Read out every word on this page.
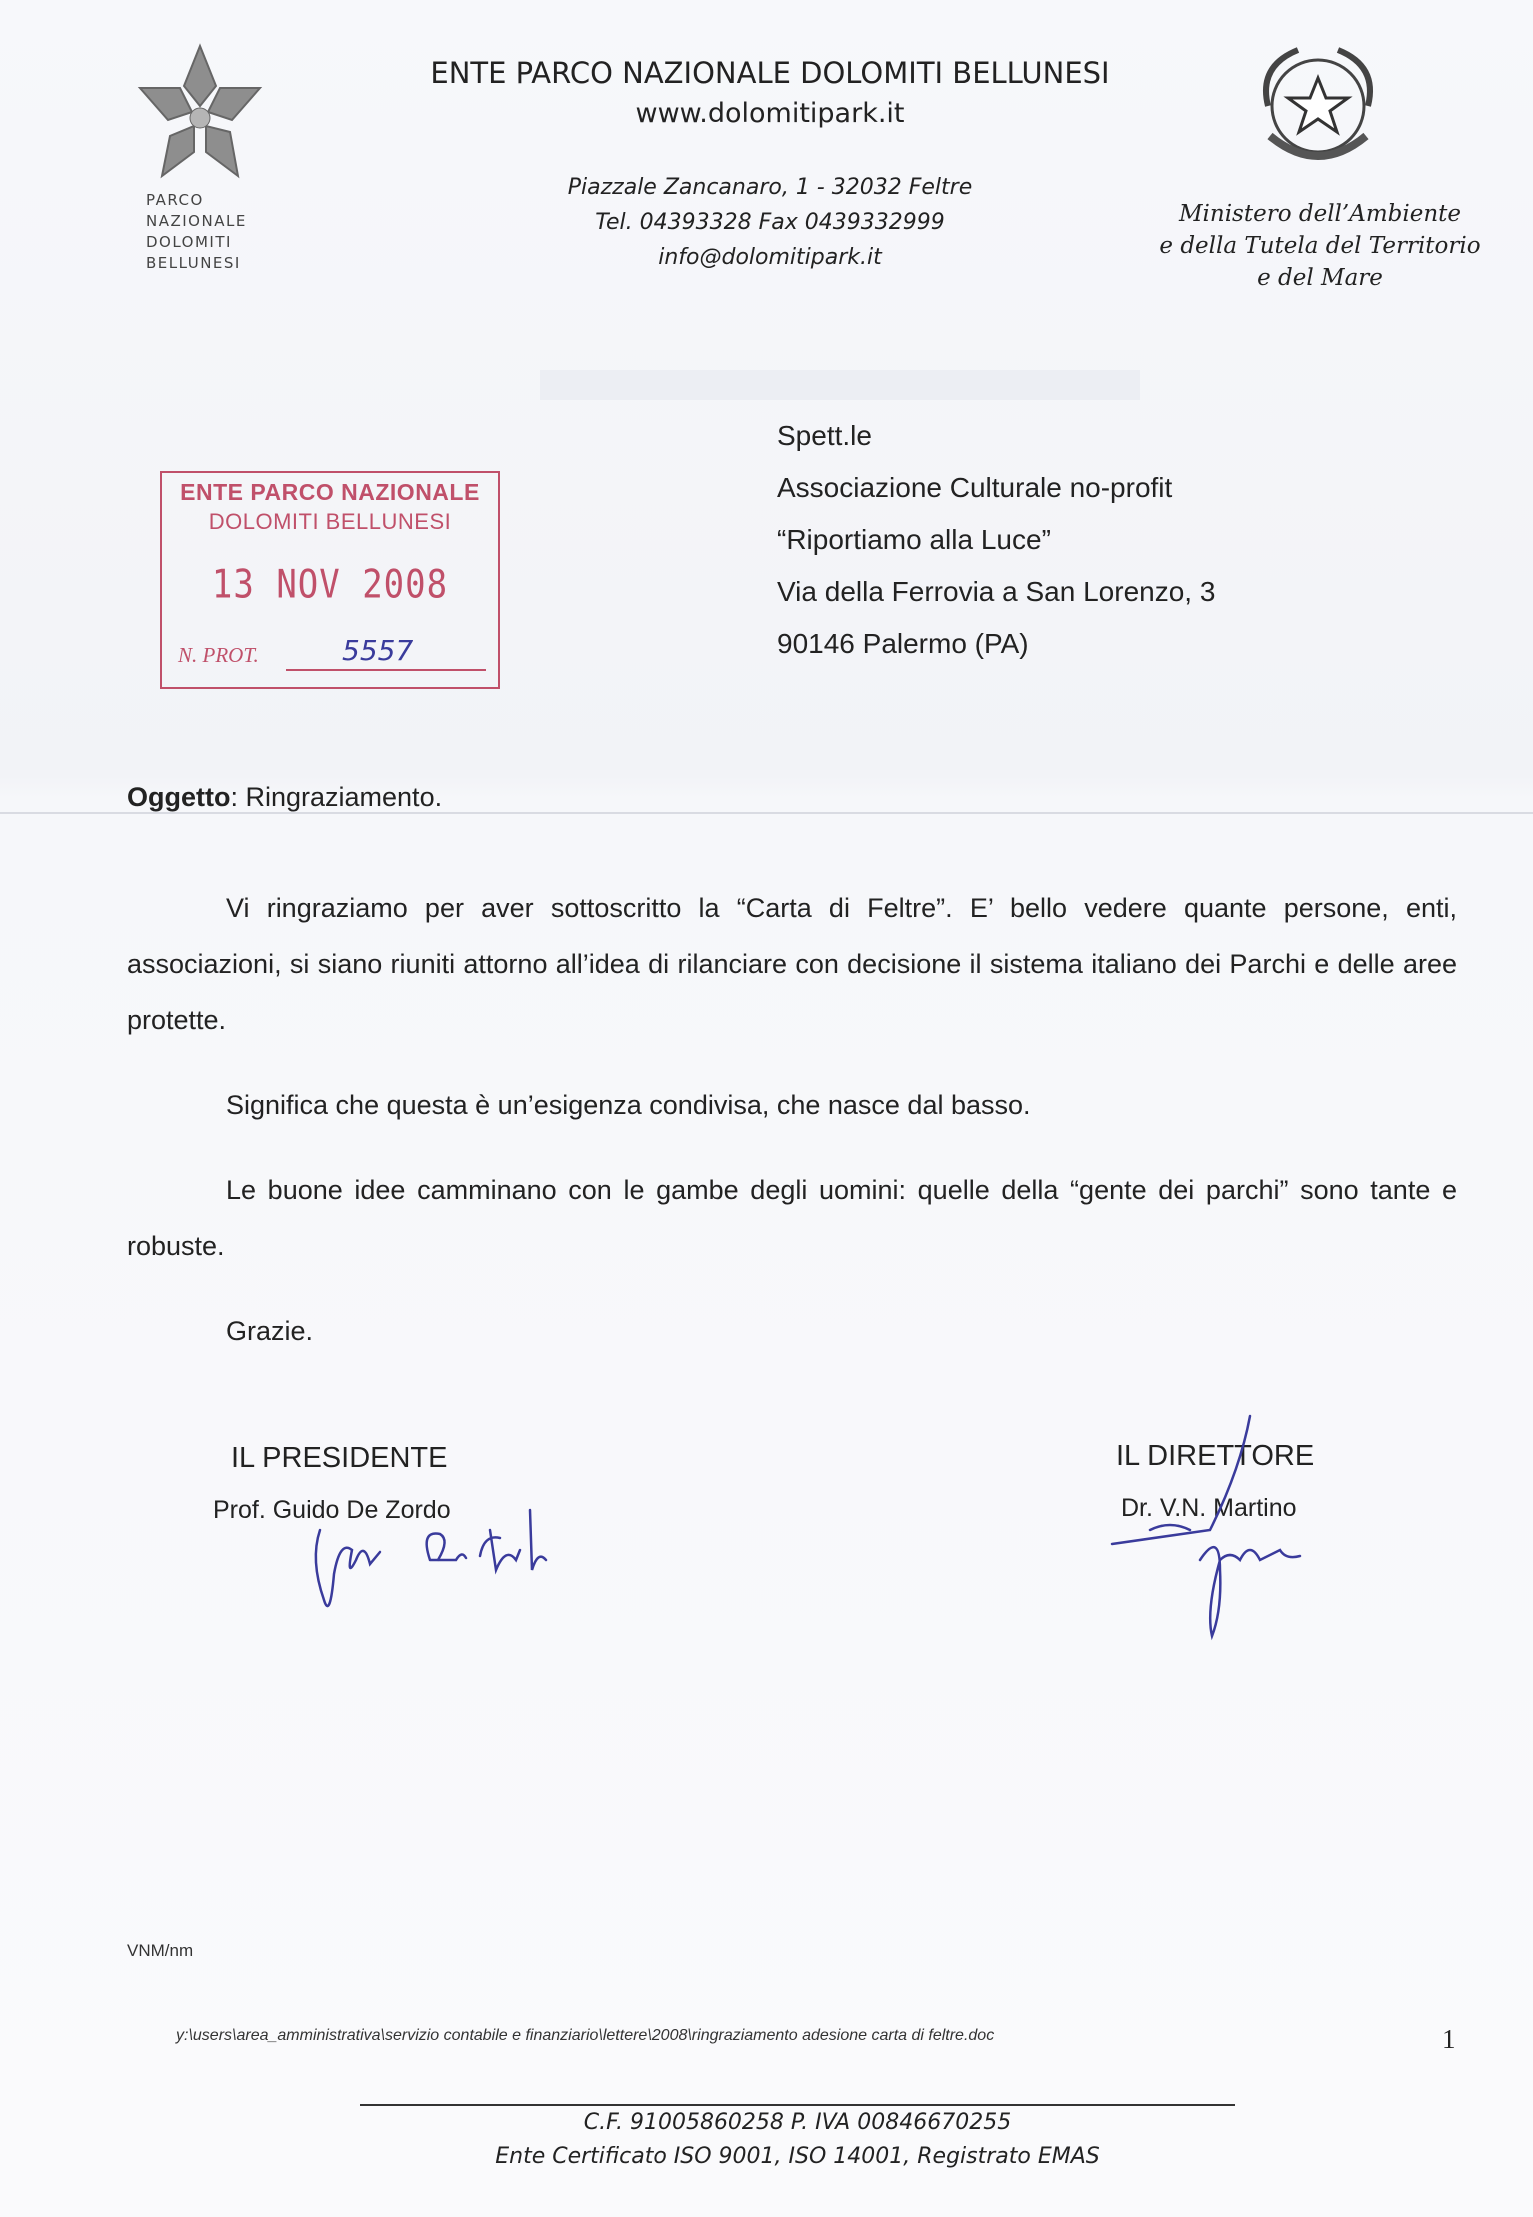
PARCO
NAZIONALE
DOLOMITI
BELLUNESI
ENTE PARCO NAZIONALE DOLOMITI BELLUNESI
www.dolomitipark.it
Piazzale Zancanaro, 1 - 32032 Feltre
Tel. 04393328 Fax 0439332999
info@dolomitipark.it
Ministero dell’Ambiente
e della Tutela del Territorio
e del Mare
ENTE PARCO NAZIONALE
DOLOMITI BELLUNESI
13 NOV 2008
N. PROT.	5557
Spett.le
Associazione Culturale no-profit
“Riportiamo alla Luce”
Via della Ferrovia a San Lorenzo, 3
90146 Palermo (PA)
Oggetto: Ringraziamento.

Vi ringraziamo per aver sottoscritto la “Carta di Feltre”. E’ bello vedere quante persone, enti, associazioni, si siano riuniti attorno all’idea di rilanciare con decisione il sistema italiano dei Parchi e delle aree protette.

Significa che questa è un’esigenza condivisa, che nasce dal basso.

Le buone idee camminano con le gambe degli uomini: quelle della “gente dei parchi” sono tante e robuste.

Grazie.

IL PRESIDENTE
Prof. Guido De Zordo
IL DIRETTORE
Dr. V.N. Martino
VNM/nm
y:\users\area_amministrativa\servizio contabile e finanziario\lettere\2008\ringraziamento adesione carta di feltre.doc	1
C.F. 91005860258 P. IVA 00846670255
Ente Certificato ISO 9001, ISO 14001, Registrato EMAS
